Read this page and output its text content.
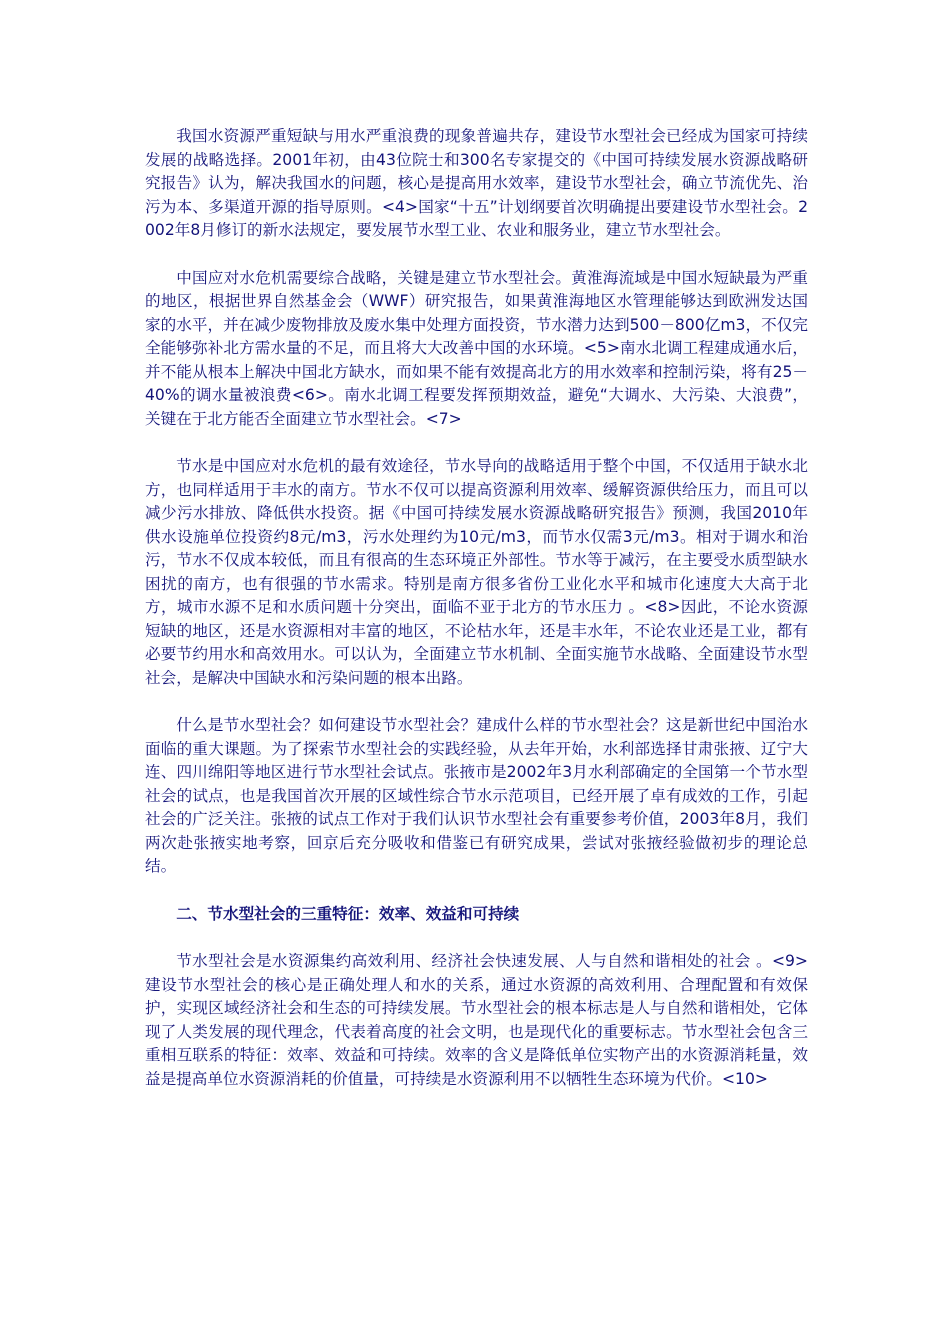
我国水资源严重短缺与用水严重浪费的现象普遍共存，建设节水型社会已经成为国家可持续发展的战略选择。2001年初，由43位院士和300名专家提交的《中国可持续发展水资源战略研究报告》认为，解决我国水的问题，核心是提高用水效率，建设节水型社会，确立节流优先、治污为本、多渠道开源的指导原则。<4>国家“十五”计划纲要首次明确提出要建设节水型社会。2002年8月修订的新水法规定，要发展节水型工业、农业和服务业，建立节水型社会。

中国应对水危机需要综合战略，关键是建立节水型社会。黄淮海流域是中国水短缺最为严重的地区，根据世界自然基金会（WWF）研究报告，如果黄淮海地区水管理能够达到欧洲发达国家的水平，并在减少废物排放及废水集中处理方面投资，节水潜力达到500－800亿m3，不仅完全能够弥补北方需水量的不足，而且将大大改善中国的水环境。<5>南水北调工程建成通水后，并不能从根本上解决中国北方缺水，而如果不能有效提高北方的用水效率和控制污染，将有25－40%的调水量被浪费<6>。南水北调工程要发挥预期效益，避免“大调水、大污染、大浪费”，关键在于北方能否全面建立节水型社会。<7>

节水是中国应对水危机的最有效途径，节水导向的战略适用于整个中国，不仅适用于缺水北方，也同样适用于丰水的南方。节水不仅可以提高资源利用效率、缓解资源供给压力，而且可以减少污水排放、降低供水投资。据《中国可持续发展水资源战略研究报告》预测，我国2010年供水设施单位投资约8元/m3，污水处理约为10元/m3，而节水仅需3元/m3。相对于调水和治污，节水不仅成本较低，而且有很高的生态环境正外部性。节水等于减污，在主要受水质型缺水困扰的南方，也有很强的节水需求。特别是南方很多省份工业化水平和城市化速度大大高于北方，城市水源不足和水质问题十分突出，面临不亚于北方的节水压力 。<8>因此，不论水资源短缺的地区，还是水资源相对丰富的地区，不论枯水年，还是丰水年，不论农业还是工业，都有必要节约用水和高效用水。可以认为，全面建立节水机制、全面实施节水战略、全面建设节水型社会，是解决中国缺水和污染问题的根本出路。

什么是节水型社会？如何建设节水型社会？建成什么样的节水型社会？这是新世纪中国治水面临的重大课题。为了探索节水型社会的实践经验，从去年开始，水利部选择甘肃张掖、辽宁大连、四川绵阳等地区进行节水型社会试点。张掖市是2002年3月水利部确定的全国第一个节水型社会的试点，也是我国首次开展的区域性综合节水示范项目，已经开展了卓有成效的工作，引起社会的广泛关注。张掖的试点工作对于我们认识节水型社会有重要参考价值，2003年8月，我们两次赴张掖实地考察，回京后充分吸收和借鉴已有研究成果，尝试对张掖经验做初步的理论总结。

二、节水型社会的三重特征：效率、效益和可持续

节水型社会是水资源集约高效利用、经济社会快速发展、人与自然和谐相处的社会 。<9>建设节水型社会的核心是正确处理人和水的关系，通过水资源的高效利用、合理配置和有效保护，实现区域经济社会和生态的可持续发展。节水型社会的根本标志是人与自然和谐相处，它体现了人类发展的现代理念，代表着高度的社会文明，也是现代化的重要标志。节水型社会包含三重相互联系的特征：效率、效益和可持续。效率的含义是降低单位实物产出的水资源消耗量，效益是提高单位水资源消耗的价值量，可持续是水资源利用不以牺牲生态环境为代价。<10>
